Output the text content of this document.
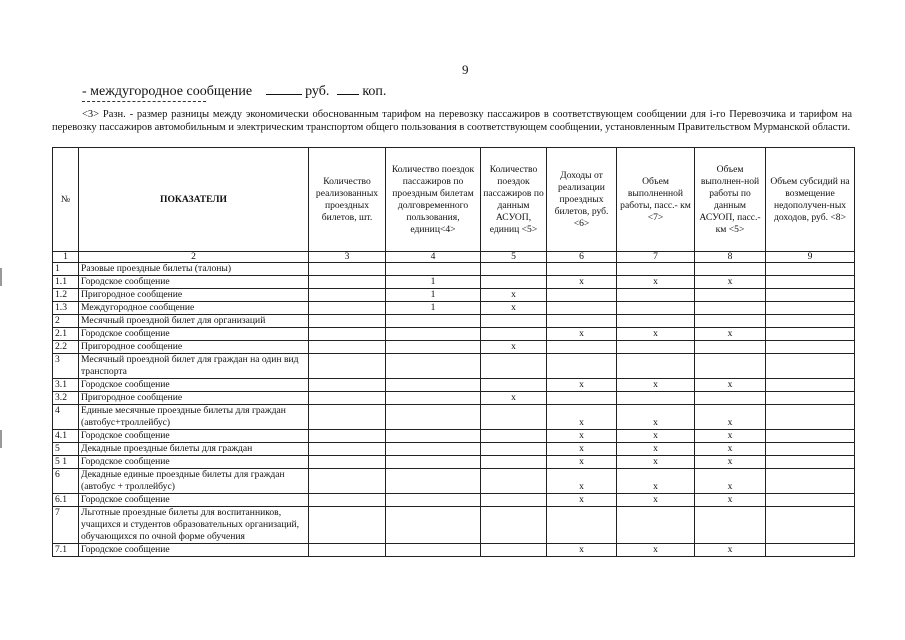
9
- междугородное сообщение	руб. коп.
<3> Разн. - размер разницы между экономически обоснованным тарифом на перевозку пассажиров в соответствующем сообщении для i-го Перевозчика и тарифом на перевозку пассажиров автомобильным и электрическим транспортом общего пользования в соответствующем сообщении, установленным Правительством Мурманской области.
№	ПОКАЗАТЕЛИ	Количество реализованных проездных билетов, шт.	Количество поездок пассажиров по проездным билетам долговременного пользования, единиц<4>	Количество поездок пассажиров по данным АСУОП, единиц <5>	Доходы от реализации проездных билетов, руб. <6>	Объем выполненной работы, пасс.- км <7>	Объем выполнен-ной работы по данным АСУОП, пасс.- км <5>	Объем субсидий на возмещение недополучен-ных доходов, руб. <8>
1	2	3	4	5	6	7	8	9
1	Разовые проездные билеты (талоны)							
1.1	Городское сообщение		1		x	x	x	
1.2	Пригородное сообщение		1	x				
1.3	Междугородное сообщение		1	x				
2	Месячный проездной билет для организаций							
2.1	Городское сообщение				x	x	x	
2.2	Пригородное сообщение			x				
3	Месячный проездной билет для граждан на один вид транспорта							
3.1	Городское сообщение				x	x	x	
3.2	Пригородное сообщение			x				
4	Единые месячные проездные билеты для граждан (автобус+троллейбус)				x	x	x	
4.1	Городское сообщение				x	x	x	
5	Декадные проездные билеты для граждан				x	x	x	
5 1	Городское сообщение				x	x	x	
6	Декадные единые проездные билеты для граждан (автобус + троллейбус)				x	x	x	
6.1	Городское сообщение				x	x	x	
7	Льготные проездные билеты для воспитанников, учащихся и студентов образовательных организаций, обучающихся по очной форме обучения							
7.1	Городское сообщение				x	x	x	
